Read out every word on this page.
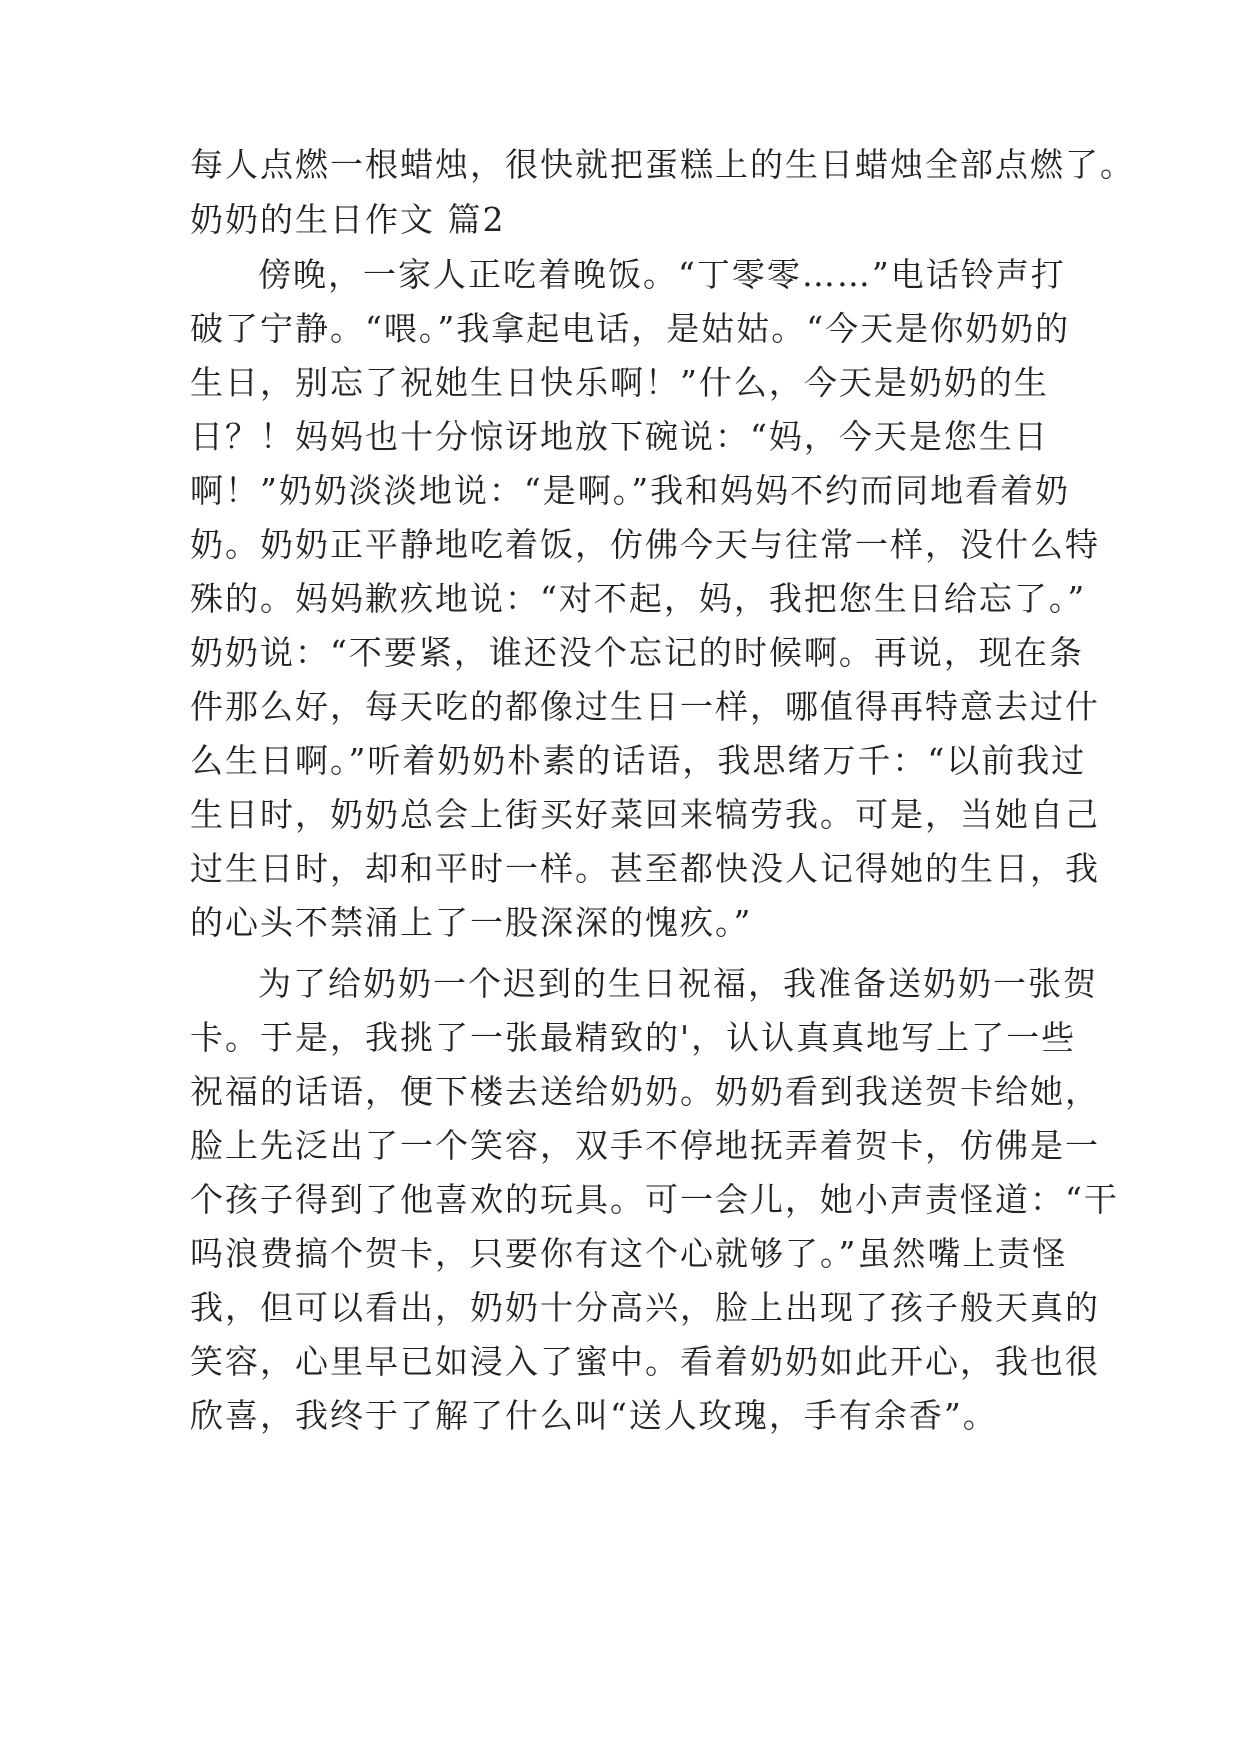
每人点燃一根蜡烛，很快就把蛋糕上的生日蜡烛全部点燃了。
奶奶的生日作文 篇2
傍晚，一家人正吃着晚饭。“丁零零……”电话铃声打
破了宁静。“喂。”我拿起电话，是姑姑。“今天是你奶奶的
生日，别忘了祝她生日快乐啊！”什么，今天是奶奶的生
日？！妈妈也十分惊讶地放下碗说：“妈，今天是您生日
啊！”奶奶淡淡地说：“是啊。”我和妈妈不约而同地看着奶
奶。奶奶正平静地吃着饭，仿佛今天与往常一样，没什么特
殊的。妈妈歉疚地说：“对不起，妈，我把您生日给忘了。”
奶奶说：“不要紧，谁还没个忘记的时候啊。再说，现在条
件那么好，每天吃的都像过生日一样，哪值得再特意去过什
么生日啊。”听着奶奶朴素的话语，我思绪万千：“以前我过
生日时，奶奶总会上街买好菜回来犒劳我。可是，当她自己
过生日时，却和平时一样。甚至都快没人记得她的生日，我
的心头不禁涌上了一股深深的愧疚。”
为了给奶奶一个迟到的生日祝福，我准备送奶奶一张贺
卡。于是，我挑了一张最精致的'，认认真真地写上了一些
祝福的话语，便下楼去送给奶奶。奶奶看到我送贺卡给她，
脸上先泛出了一个笑容，双手不停地抚弄着贺卡，仿佛是一
个孩子得到了他喜欢的玩具。可一会儿，她小声责怪道：“干
吗浪费搞个贺卡，只要你有这个心就够了。”虽然嘴上责怪
我，但可以看出，奶奶十分高兴，脸上出现了孩子般天真的
笑容，心里早已如浸入了蜜中。看着奶奶如此开心，我也很
欣喜，我终于了解了什么叫“送人玫瑰，手有余香”。
